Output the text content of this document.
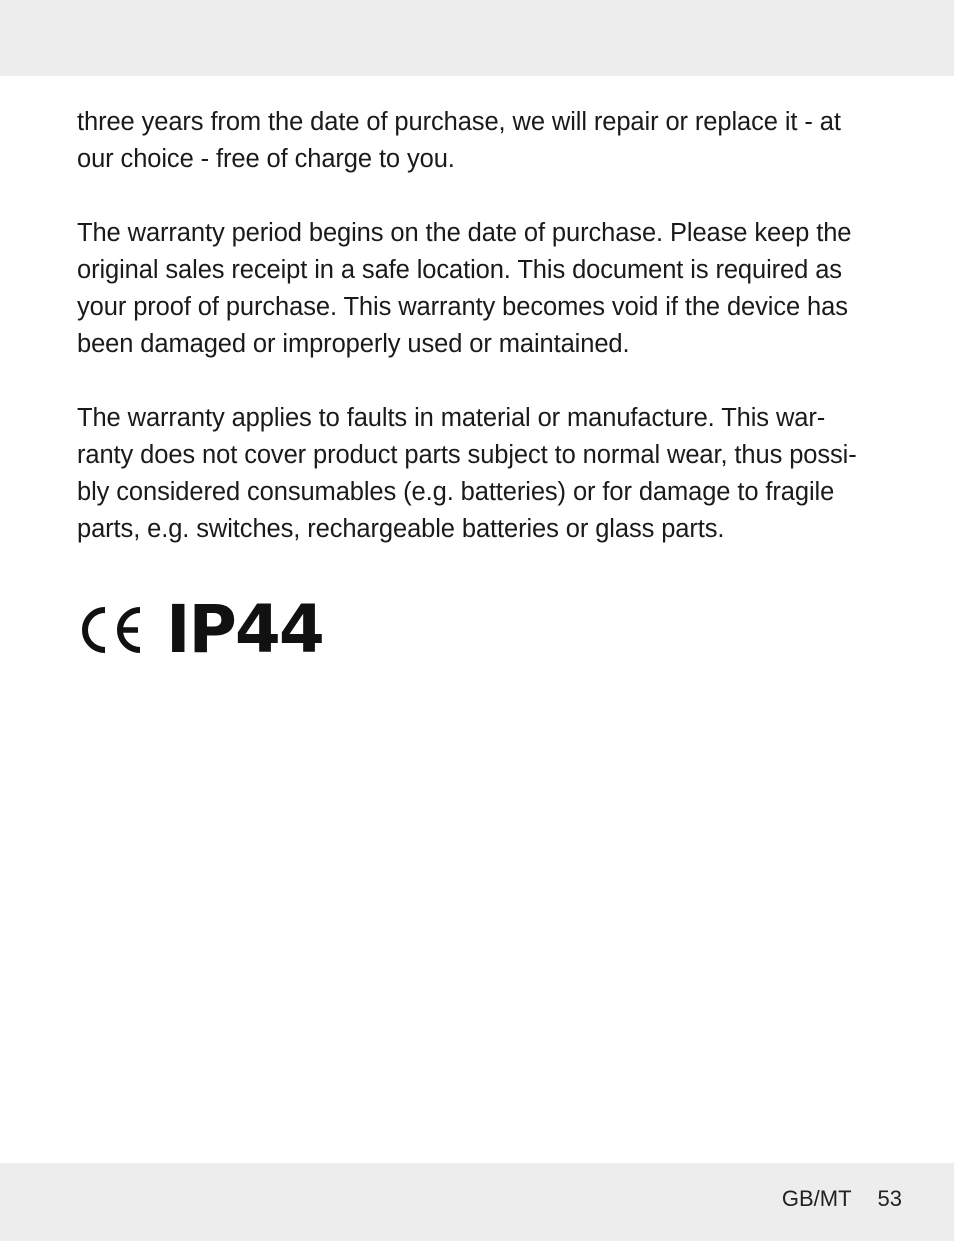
three years from the date of purchase, we will repair or replace it - at
our choice - free of charge to you.

The warranty period begins on the date of purchase. Please keep the
original sales receipt in a safe location. This document is required as
your proof of purchase. This warranty becomes void if the device has
been damaged or improperly used or maintained.

The warranty applies to faults in material or manufacture. This war-
ranty does not cover product parts subject to normal wear, thus possi-
bly considered consumables (e.g. batteries) or for damage to fragile
parts, e.g. switches, rechargeable batteries or glass parts.

IP44
GB/MT 53
